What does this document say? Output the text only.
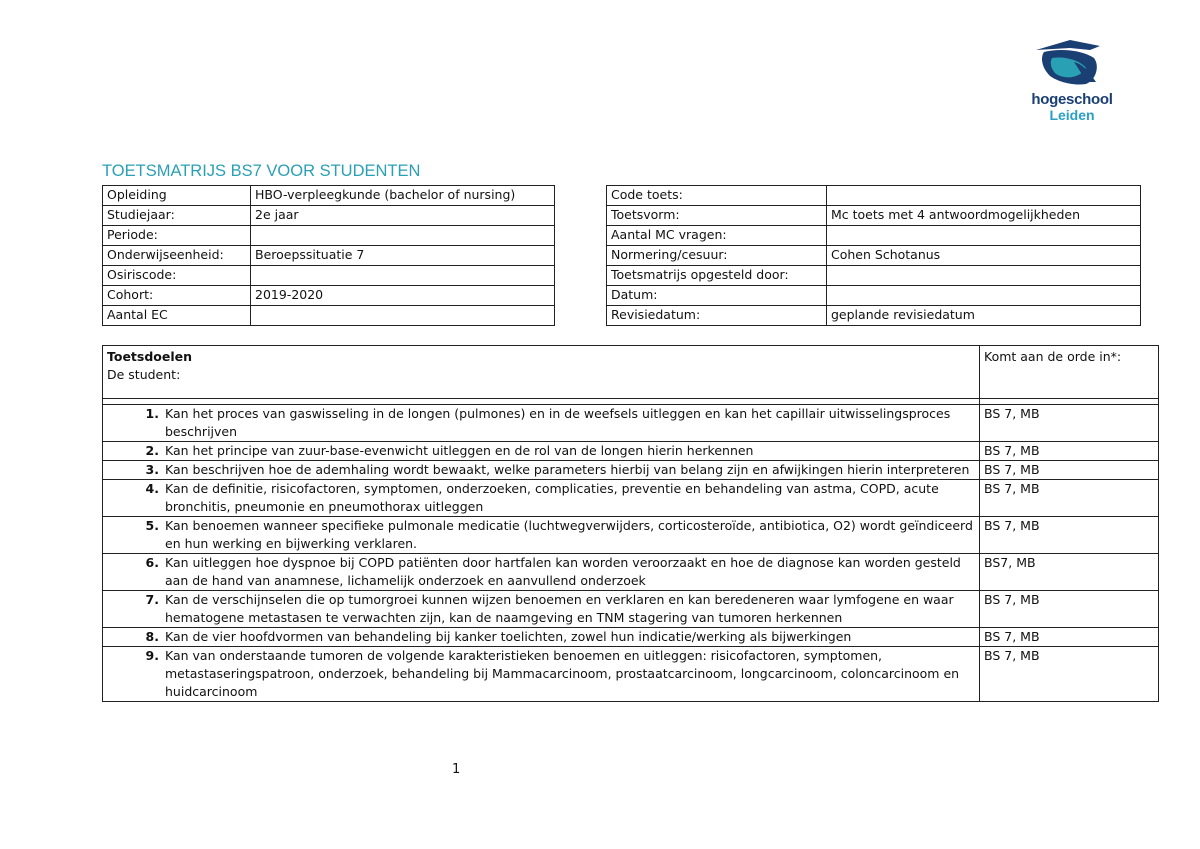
hogeschool
Leiden
TOETSMATRIJS BS7 VOOR STUDENTEN
Opleiding	HBO-verpleegkunde (bachelor of nursing)
Studiejaar:	2e jaar
Periode:	
Onderwijseenheid:	Beroepssituatie 7
Osiriscode:	
Cohort:	2019-2020
Aantal EC	
Code toets:	
Toetsvorm:	Mc toets met 4 antwoordmogelijkheden
Aantal MC vragen:	
Normering/cesuur:	Cohen Schotanus
Toetsmatrijs opgesteld door:	
Datum:	
Revisiedatum:	geplande revisiedatum
Toetsdoelen
De student:	Komt aan de orde in*:

1. Kan het proces van gaswisseling in de longen (pulmones) en in de weefsels uitleggen en kan het capillair uitwisselingsproces beschrijven	BS 7, MB

2. Kan het principe van zuur-base-evenwicht uitleggen en de rol van de longen hierin herkennen	BS 7, MB

3. Kan beschrijven hoe de ademhaling wordt bewaakt, welke parameters hierbij van belang zijn en afwijkingen hierin interpreteren	BS 7, MB

4. Kan de definitie, risicofactoren, symptomen, onderzoeken, complicaties, preventie en behandeling van astma, COPD, acute bronchitis, pneumonie en pneumothorax uitleggen	BS 7, MB

5. Kan benoemen wanneer specifieke pulmonale medicatie (luchtwegverwijders, corticosteroïde, antibiotica, O2) wordt geïndiceerd en hun werking en bijwerking verklaren.	BS 7, MB

6. Kan uitleggen hoe dyspnoe bij COPD patiënten door hartfalen kan worden veroorzaakt en hoe de diagnose kan worden gesteld aan de hand van anamnese, lichamelijk onderzoek en aanvullend onderzoek	BS7, MB

7. Kan de verschijnselen die op tumorgroei kunnen wijzen benoemen en verklaren en kan beredeneren waar lymfogene en waar hematogene metastasen te verwachten zijn, kan de naamgeving en TNM stagering van tumoren herkennen	BS 7, MB

8. Kan de vier hoofdvormen van behandeling bij kanker toelichten, zowel hun indicatie/werking als bijwerkingen	BS 7, MB

9. Kan van onderstaande tumoren de volgende karakteristieken benoemen en uitleggen: risicofactoren, symptomen, metastaseringspatroon, onderzoek, behandeling bij Mammacarcinoom, prostaatcarcinoom, longcarcinoom, coloncarcinoom en huidcarcinoom	BS 7, MB
1
